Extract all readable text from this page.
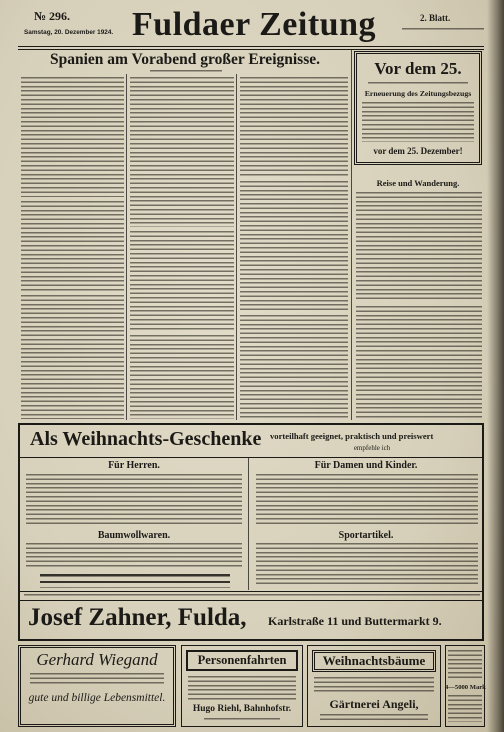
№ 296.
Samstag, 20. Dezember 1924. Fuldaer Zeitung	2. Blatt.
Spanien am Vorabend großer Ereignisse.	Vor dem 25.
Erneuerung des Zeitungsbezugs
vor dem 25. Dezember!
Reise und Wanderung.
Als Weihnachts-Geschenke vorteilhaft geeignet, praktisch und preiswert
empfehle ich
Für Herren.	Für Damen und Kinder.
Baumwollwaren.	Sportartikel.
Josef Zahner, Fulda, Karlstraße 11 und Buttermarkt 9.
Gerhard Wiegand
gute und billige Lebensmittel.
Personenfahrten
Hugo Riehl, Bahnhofstr.
Weihnachtsbäume
Gärtnerei Angeli,
4—5000 Mark
